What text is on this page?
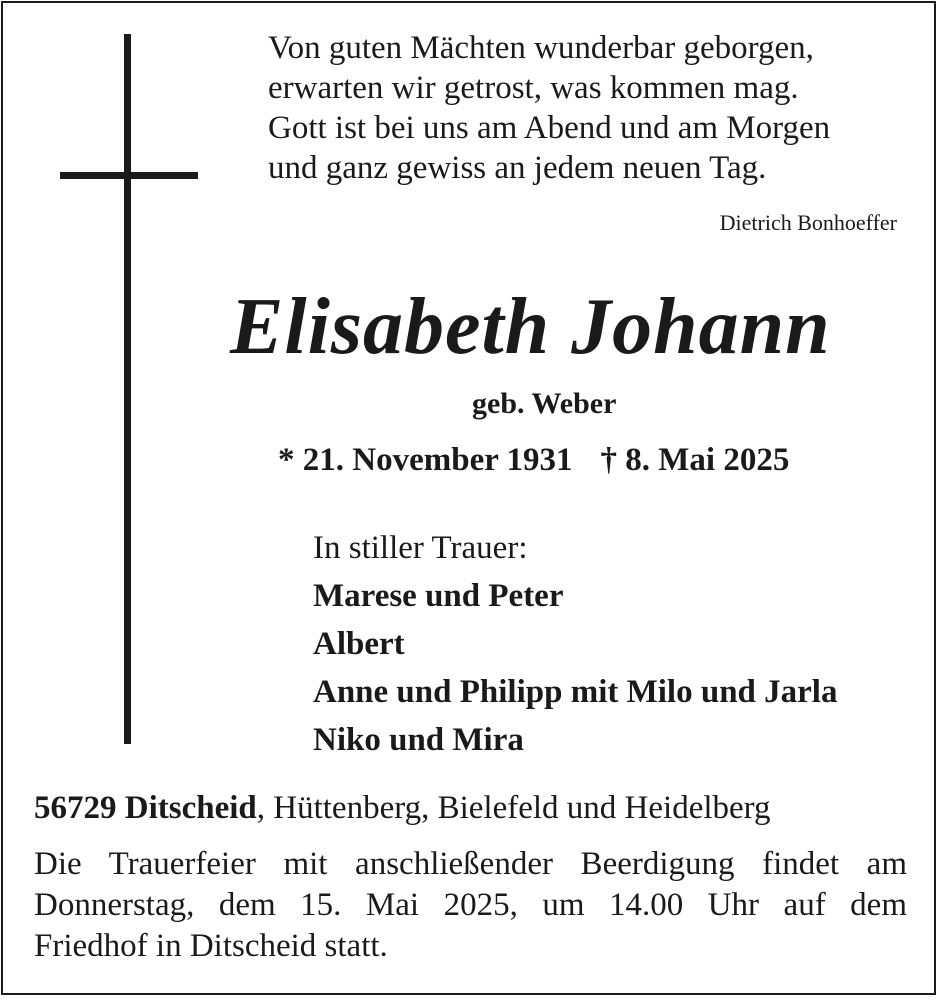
Von guten Mächten wunderbar geborgen,
erwarten wir getrost, was kommen mag.
Gott ist bei uns am Abend und am Morgen
und ganz gewiss an jedem neuen Tag.
Dietrich Bonhoeffer
Elisabeth Johann
geb. Weber
* 21. November 1931 † 8. Mai 2025
In stiller Trauer:
Marese und Peter
Albert
Anne und Philipp mit Milo und Jarla
Niko und Mira
56729 Ditscheid, Hüttenberg, Bielefeld und Heidelberg
Die Trauerfeier mit anschließender Beerdigung findet am
Donnerstag, dem 15. Mai 2025, um 14.00 Uhr auf dem
Friedhof in Ditscheid statt.
